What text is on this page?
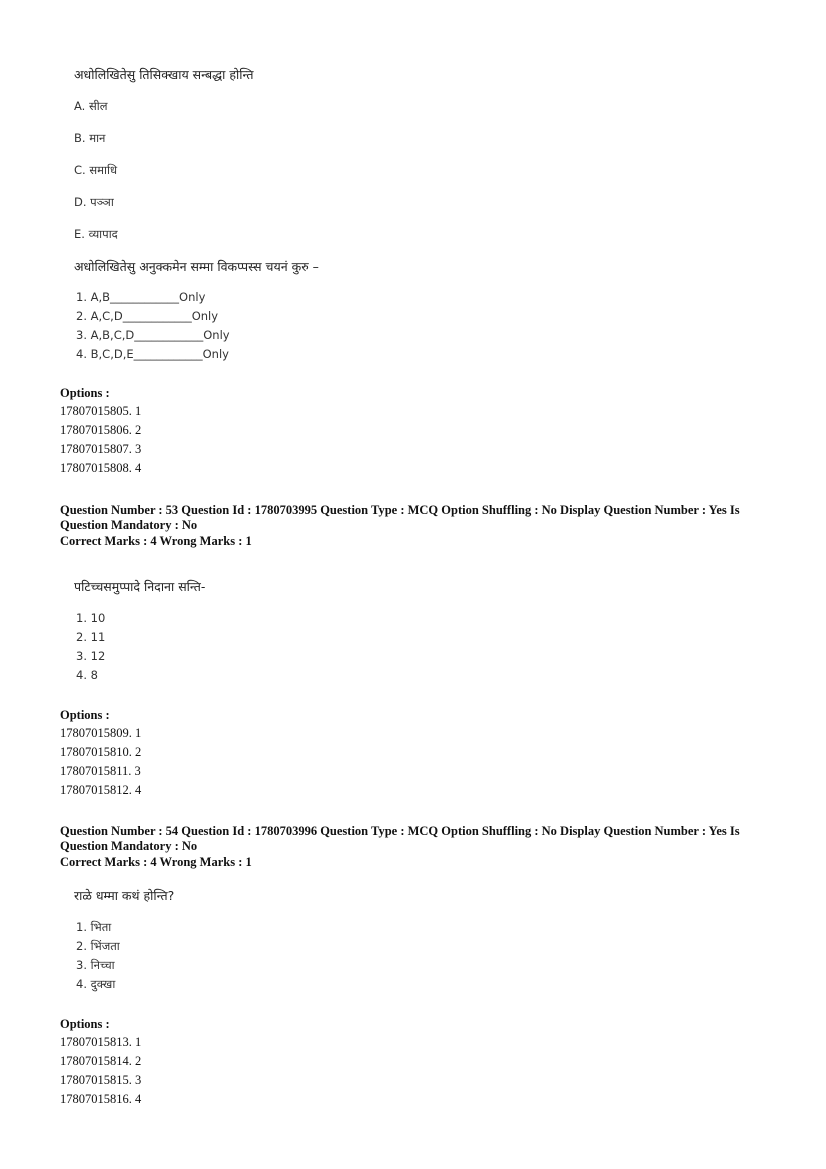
अधोलिखितेसु तिसिक्खाय सन्बद्धा होन्ति
A. सील
B. मान
C. समाधि
D. पञ्ञा
E. व्यापाद
अधोलिखितेसु अनुक्कमेन सम्मा विकप्पस्स चयनं कुरु –
1. A,B____________Only
2. A,C,D____________Only
3. A,B,C,D____________Only
4. B,C,D,E____________Only
Options :
17807015805. 1
17807015806. 2
17807015807. 3
17807015808. 4
Question Number : 53 Question Id : 1780703995 Question Type : MCQ Option Shuffling : No Display Question Number : Yes Is Question Mandatory : No
Correct Marks : 4 Wrong Marks : 1
पटिच्चसमुप्पादे निदाना सन्ति-
1. 10
2. 11
3. 12
4. 8
Options :
17807015809. 1
17807015810. 2
17807015811. 3
17807015812. 4
Question Number : 54 Question Id : 1780703996 Question Type : MCQ Option Shuffling : No Display Question Number : Yes Is Question Mandatory : No
Correct Marks : 4 Wrong Marks : 1
राळे धम्मा कथं होन्ति?
1. भिता
2. भिंजता
3. निच्चा
4. दुक्खा
Options :
17807015813. 1
17807015814. 2
17807015815. 3
17807015816. 4
